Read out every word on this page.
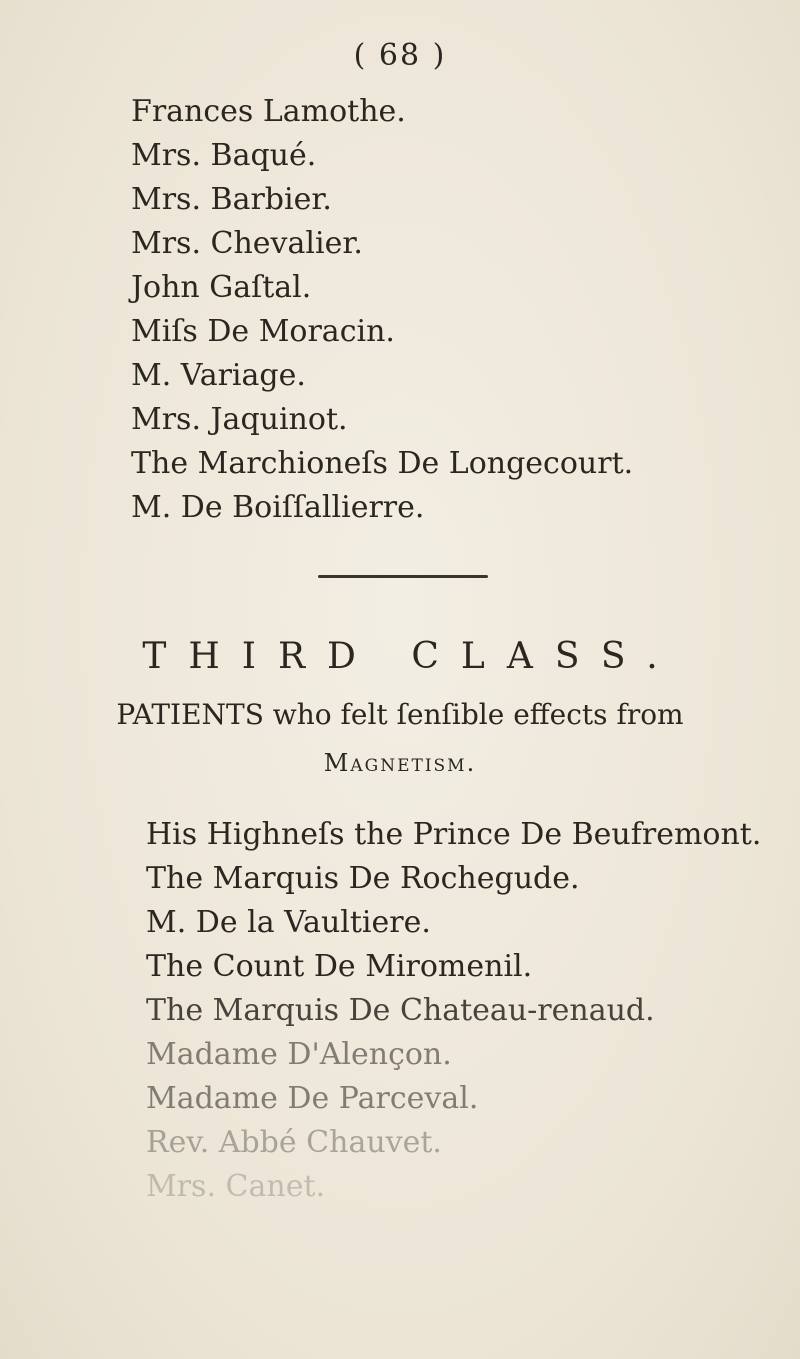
( 68 )
Frances Lamothe.
Mrs. Baqué.
Mrs. Barbier.
Mrs. Chevalier.
John Gaſtal.
Miſs De Moracin.
M. Variage.
Mrs. Jaquinot.
The Marchioneſs De Longecourt.
M. De Boiſſallierre.
THIRD CLASS.
PATIENTS who felt ſenſible effects from
Magnetism.
His Highneſs the Prince De Beufremont.
The Marquis De Rochegude.
M. De la Vaultiere.
The Count De Miromenil.
The Marquis De Chateau-renaud.
Madame D'Alençon.
Madame De Parceval.
Rev. Abbé Chauvet.
Mrs. Canet.
